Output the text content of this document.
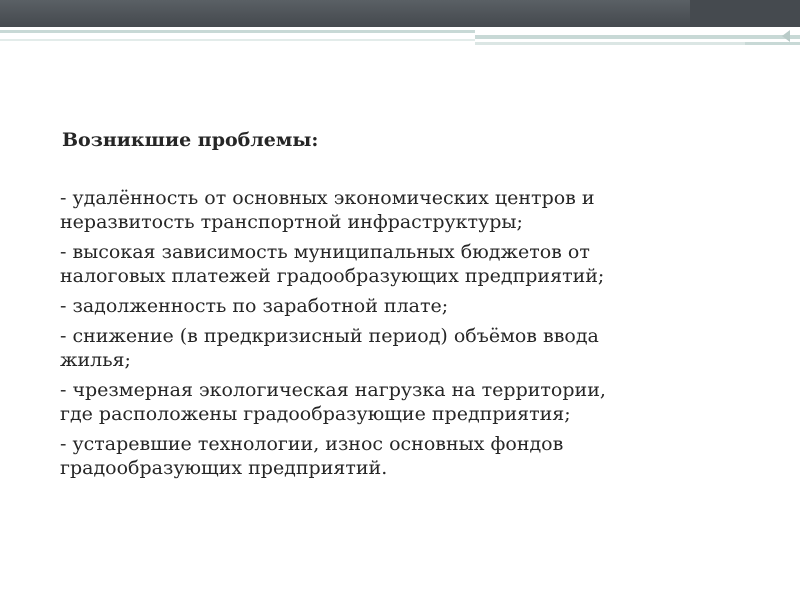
Возникшие проблемы:
- удалённость от основных экономических центров и
неразвитость транспортной инфраструктуры;
- высокая зависимость муниципальных бюджетов от
налоговых платежей градообразующих предприятий;
- задолженность по заработной плате;
- снижение (в предкризисный период) объёмов ввода
жилья;
- чрезмерная экологическая нагрузка на территории,
где расположены градообразующие предприятия;
- устаревшие технологии, износ основных фондов
градообразующих предприятий.
